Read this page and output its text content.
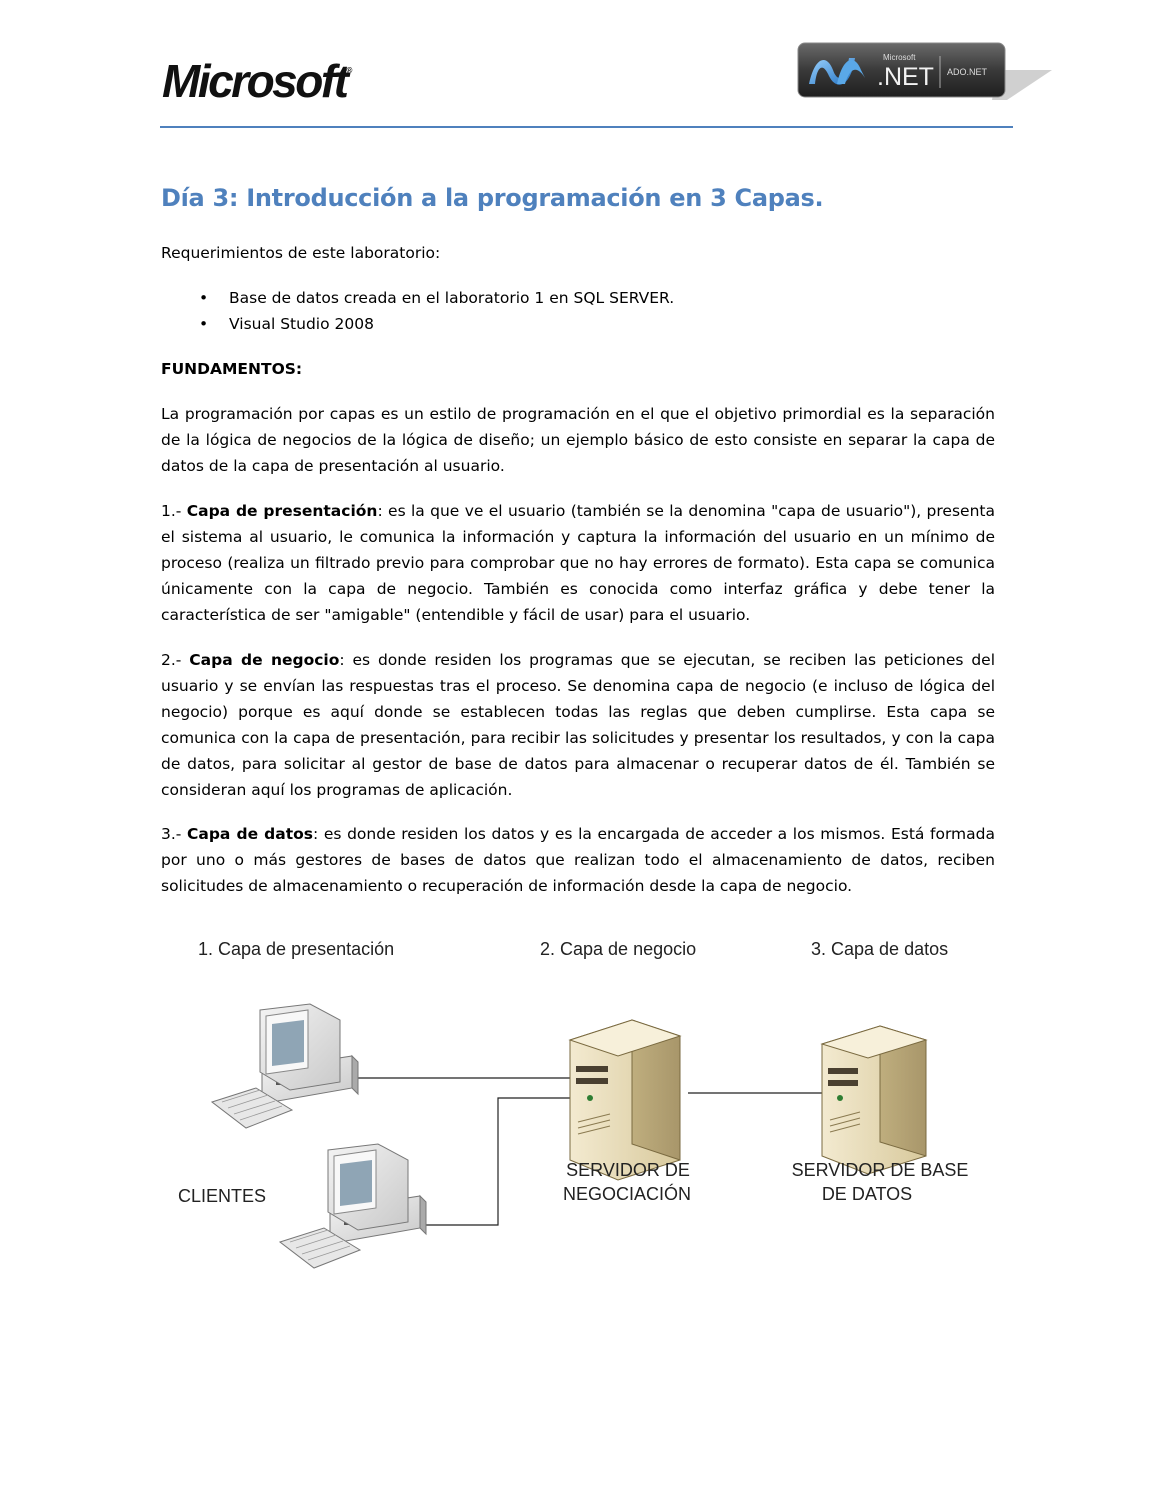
Microsoft®
Microsoft
.NET ADO.NET
Día 3: Introducción a la programación en 3 Capas.

Requerimientos de este laboratorio:

• Base de datos creada en el laboratorio 1 en SQL SERVER.
• Visual Studio 2008

FUNDAMENTOS:

La programación por capas es un estilo de programación en el que el objetivo primordial es la separación de la lógica de negocios de la lógica de diseño; un ejemplo básico de esto consiste en separar la capa de datos de la capa de presentación al usuario.

1.- Capa de presentación: es la que ve el usuario (también se la denomina "capa de usuario"), presenta el sistema al usuario, le comunica la información y captura la información del usuario en un mínimo de proceso (realiza un filtrado previo para comprobar que no hay errores de formato). Esta capa se comunica únicamente con la capa de negocio. También es conocida como interfaz gráfica y debe tener la característica de ser "amigable" (entendible y fácil de usar) para el usuario.

2.- Capa de negocio: es donde residen los programas que se ejecutan, se reciben las peticiones del usuario y se envían las respuestas tras el proceso. Se denomina capa de negocio (e incluso de lógica del negocio) porque es aquí donde se establecen todas las reglas que deben cumplirse. Esta capa se comunica con la capa de presentación, para recibir las solicitudes y presentar los resultados, y con la capa de datos, para solicitar al gestor de base de datos para almacenar o recuperar datos de él. También se consideran aquí los programas de aplicación.

3.- Capa de datos: es donde residen los datos y es la encargada de acceder a los mismos. Está formada por uno o más gestores de bases de datos que realizan todo el almacenamiento de datos, reciben solicitudes de almacenamiento o recuperación de información desde la capa de negocio.

1. Capa de presentación	2. Capa de negocio	3. Capa de datos
CLIENTES
SERVIDOR DE
NEGOCIACIÓN
SERVIDOR DE BASE
DE DATOS
